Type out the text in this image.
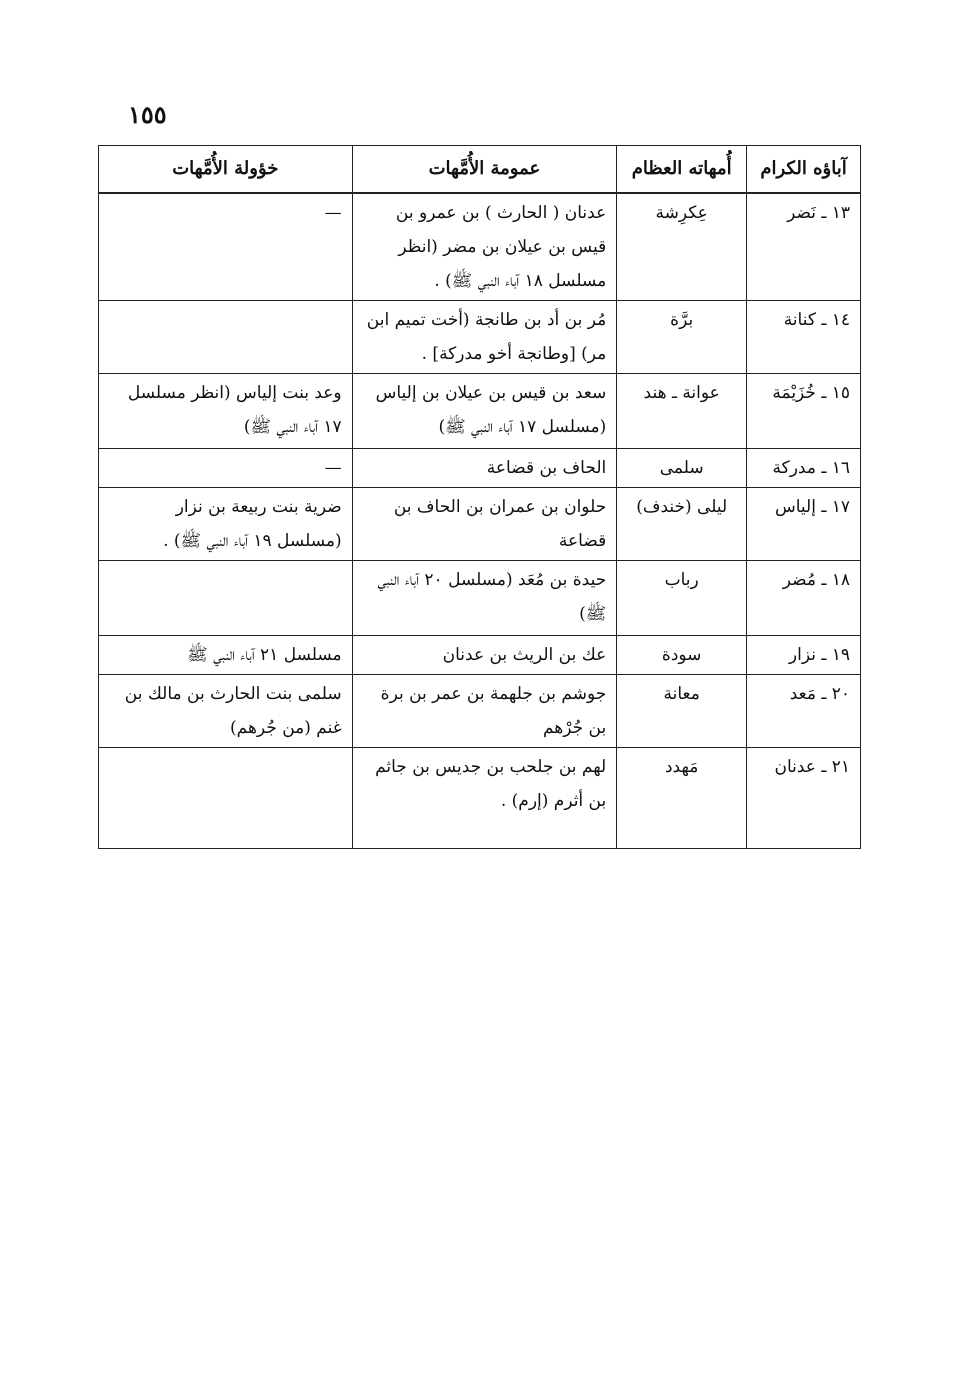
١٥٥
آباؤه الكرام	أُمهاته العظام	عمومة الأُمَّهات	خؤولة الأُمَّهات
١٣ ـ نَضر	عِكرِشة	عدنان ( الحارث ) بن عمرو بن قيس بن عيلان بن مضر (انظر مسلسل ١٨ آباء النبي ﷺ) .	—
١٤ ـ كنانة	برَّة	مُر بن أد بن طانجة (أخت تميم ابن مر) [وطانجة أخو مدركة] .	
١٥ ـ خُزَيْمَة	عوانة ـ هند	سعد بن قيس بن عيلان بن إلياس (مسلسل ١٧ آباء النبي ﷺ)	وعد بنت إلياس (انظر مسلسل ١٧ آباء النبي ﷺ)
١٦ ـ مدركة	سلمى	الحاف بن قضاعة	—
١٧ ـ إلياس	ليلى (خندف)	حلوان بن عمران بن الحاف بن قضاعة	ضرية بنت ربيعة بن نزار (مسلسل ١٩ آباء النبي ﷺ) .
١٨ ـ مُضر	رباب	حيدة بن مُعَد (مسلسل ٢٠ آباء النبي ﷺ)	
١٩ ـ نزار	سودة	عك بن الريث بن عدنان	مسلسل ٢١ آباء النبي ﷺ
٢٠ ـ مَعد	معانة	جوشم بن جلهمة بن عمر بن برة بن جُرْهم	سلمى بنت الحارث بن مالك بن غنم (من جُرهم)
٢١ ـ عدنان	مَهدد	لهم بن جلحب بن جديس بن جاثم بن أثرم (إرم) .	
